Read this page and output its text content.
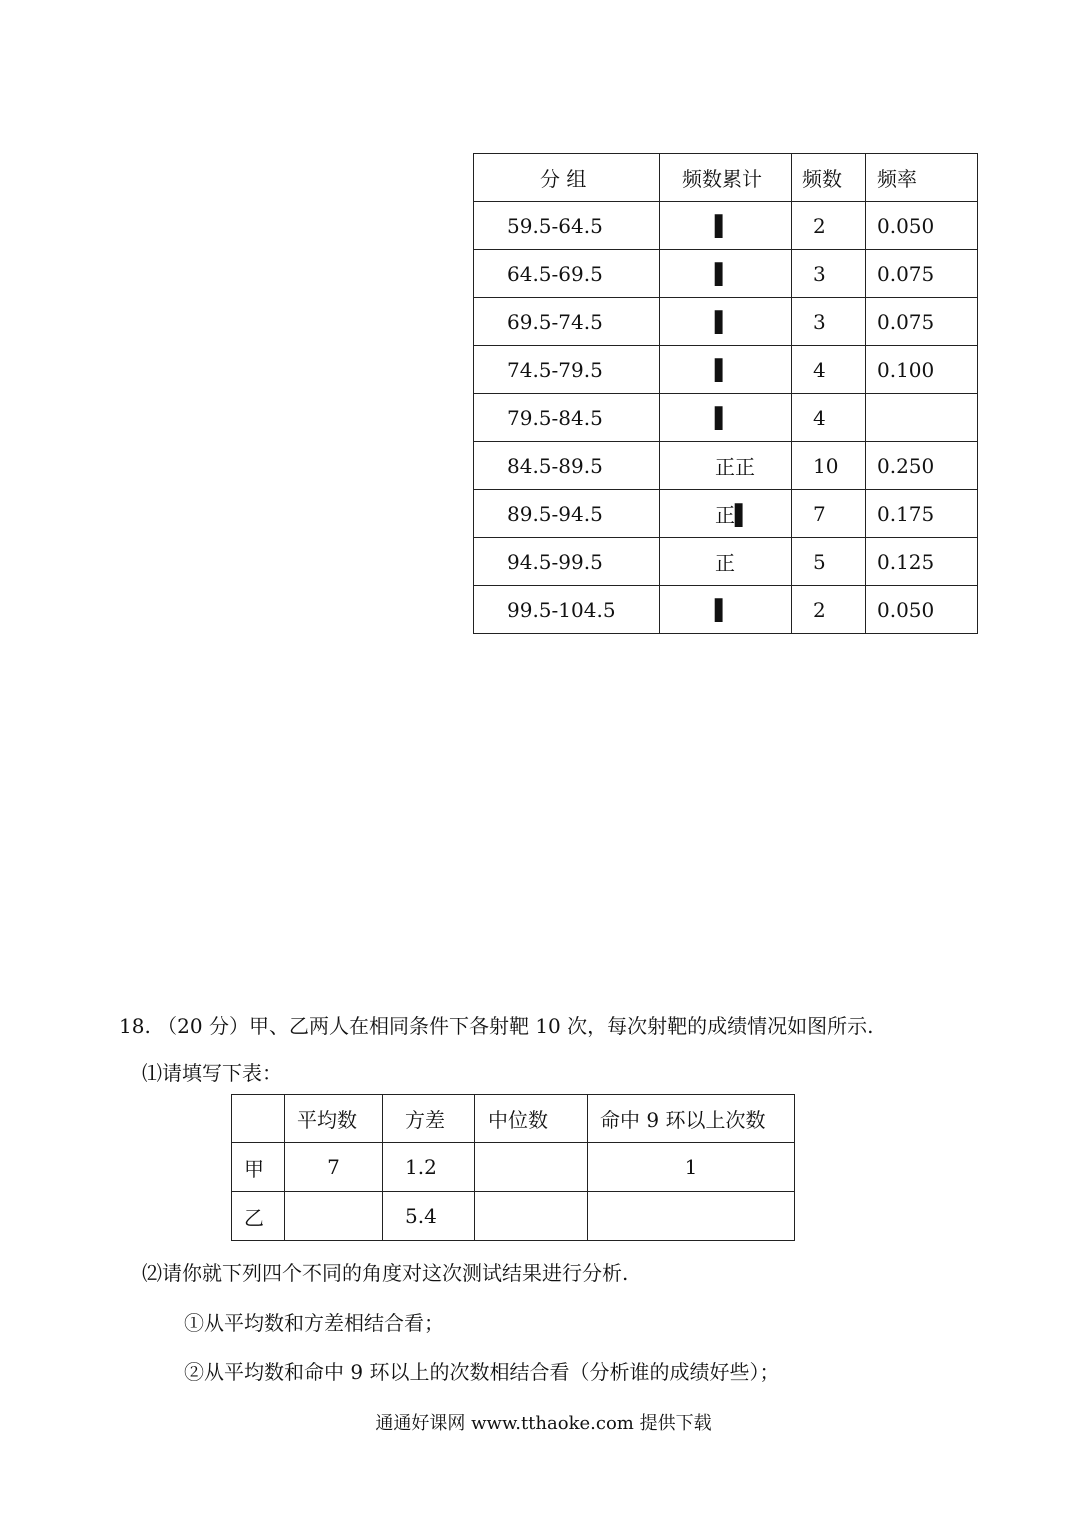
分 组	频数累计	频数	频率
59.5-64.5	▌	2	0.050
64.5-69.5	▌	3	0.075
69.5-74.5	▌	3	0.075
74.5-79.5	▌	4	0.100
79.5-84.5	▌	4	
84.5-89.5	正正	10	0.250
89.5-94.5	正▌	7	0.175
94.5-99.5	正	5	0.125
99.5-104.5	▌	2	0.050
18. （20 分）甲、乙两人在相同条件下各射靶 10 次，每次射靶的成绩情况如图所示.
⑴请填写下表：
	平均数	方差	中位数	命中 9 环以上次数
甲	7	1.2		1
乙		5.4		
⑵请你就下列四个不同的角度对这次测试结果进行分析.
①从平均数和方差相结合看；
②从平均数和命中 9 环以上的次数相结合看（分析谁的成绩好些）；
通通好课网 www.tthaoke.com 提供下载
